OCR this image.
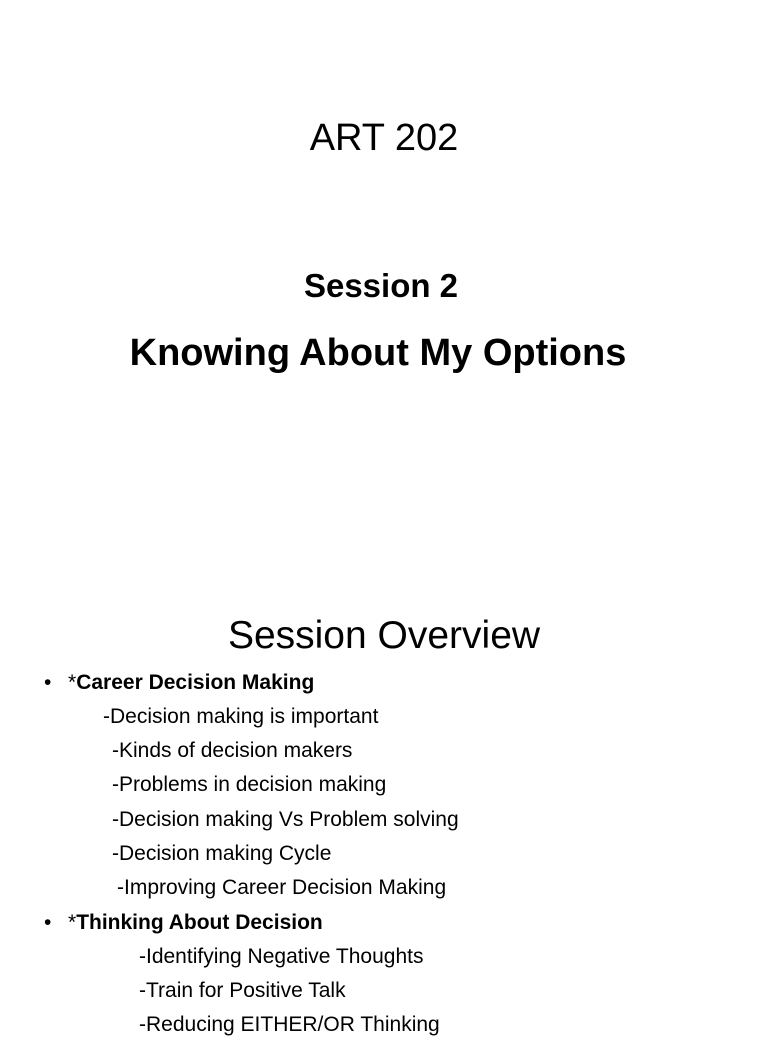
ART 202
Session 2
Knowing About My Options
Session Overview
• *Career Decision Making
-Decision making is important
-Kinds of decision makers
-Problems in decision making
-Decision making Vs Problem solving
-Decision making Cycle
-Improving Career Decision Making
• *Thinking About Decision
-Identifying Negative Thoughts
-Train for Positive Talk
-Reducing EITHER/OR Thinking
